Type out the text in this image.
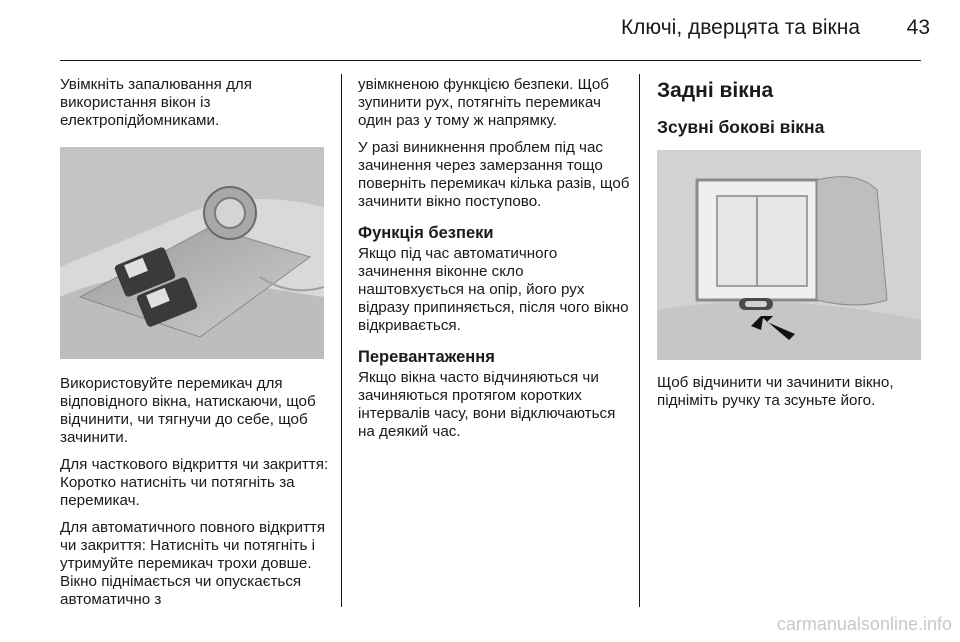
Ключі, дверцята та вікна	43

Увімкніть запалювання для використання вікон із електропідйомниками.

Використовуйте перемикач для відповідного вікна, натискаючи, щоб відчинити, чи тягнучи до себе, щоб зачинити.

Для часткового відкриття чи закриття: Коротко натисніть чи потягніть за перемикач.

Для автоматичного повного відкриття чи закриття: Натисніть чи потягніть і утримуйте перемикач трохи довше. Вікно піднімається чи опускається автоматично з

увімкненою функцією безпеки. Щоб зупинити рух, потягніть перемикач один раз у тому ж напрямку.

У разі виникнення проблем під час зачинення через замерзання тощо поверніть перемикач кілька разів, щоб зачинити вікно поступово.

Функція безпеки

Якщо під час автоматичного зачинення віконне скло наштовхується на опір, його рух відразу припиняється, після чого вікно відкривається.

Перевантаження

Якщо вікна часто відчиняються чи зачиняються протягом коротких інтервалів часу, вони відключаються на деякий час.

Задні вікна
Зсувні бокові вікна

Щоб відчинити чи зачинити вікно, підніміть ручку та зсуньте його.

carmanualsonline.info
